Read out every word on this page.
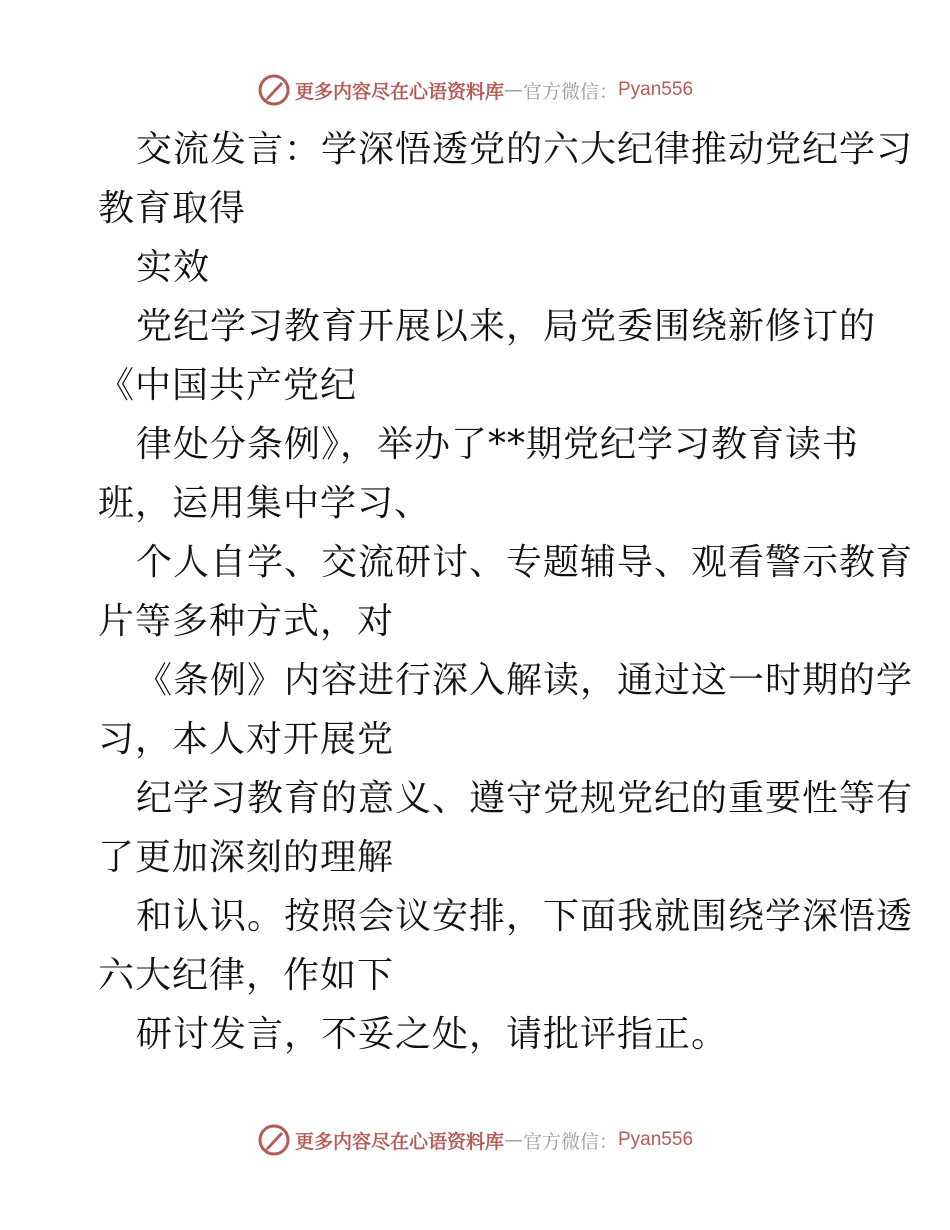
更多内容尽在心语资料库 — 官方微信： Pyan556
交流发言：学深悟透党的六大纪律推动党纪学习
教育取得
实效
党纪学习教育开展以来，局党委围绕新修订的
《中国共产党纪
律处分条例》，举办了**期党纪学习教育读书
班，运用集中学习、
个人自学、交流研讨、专题辅导、观看警示教育
片等多种方式，对
《条例》内容进行深入解读，通过这一时期的学
习，本人对开展党
纪学习教育的意义、遵守党规党纪的重要性等有
了更加深刻的理解
和认识。按照会议安排，下面我就围绕学深悟透
六大纪律，作如下
研讨发言，不妥之处，请批评指正。
更多内容尽在心语资料库 — 官方微信： Pyan556
